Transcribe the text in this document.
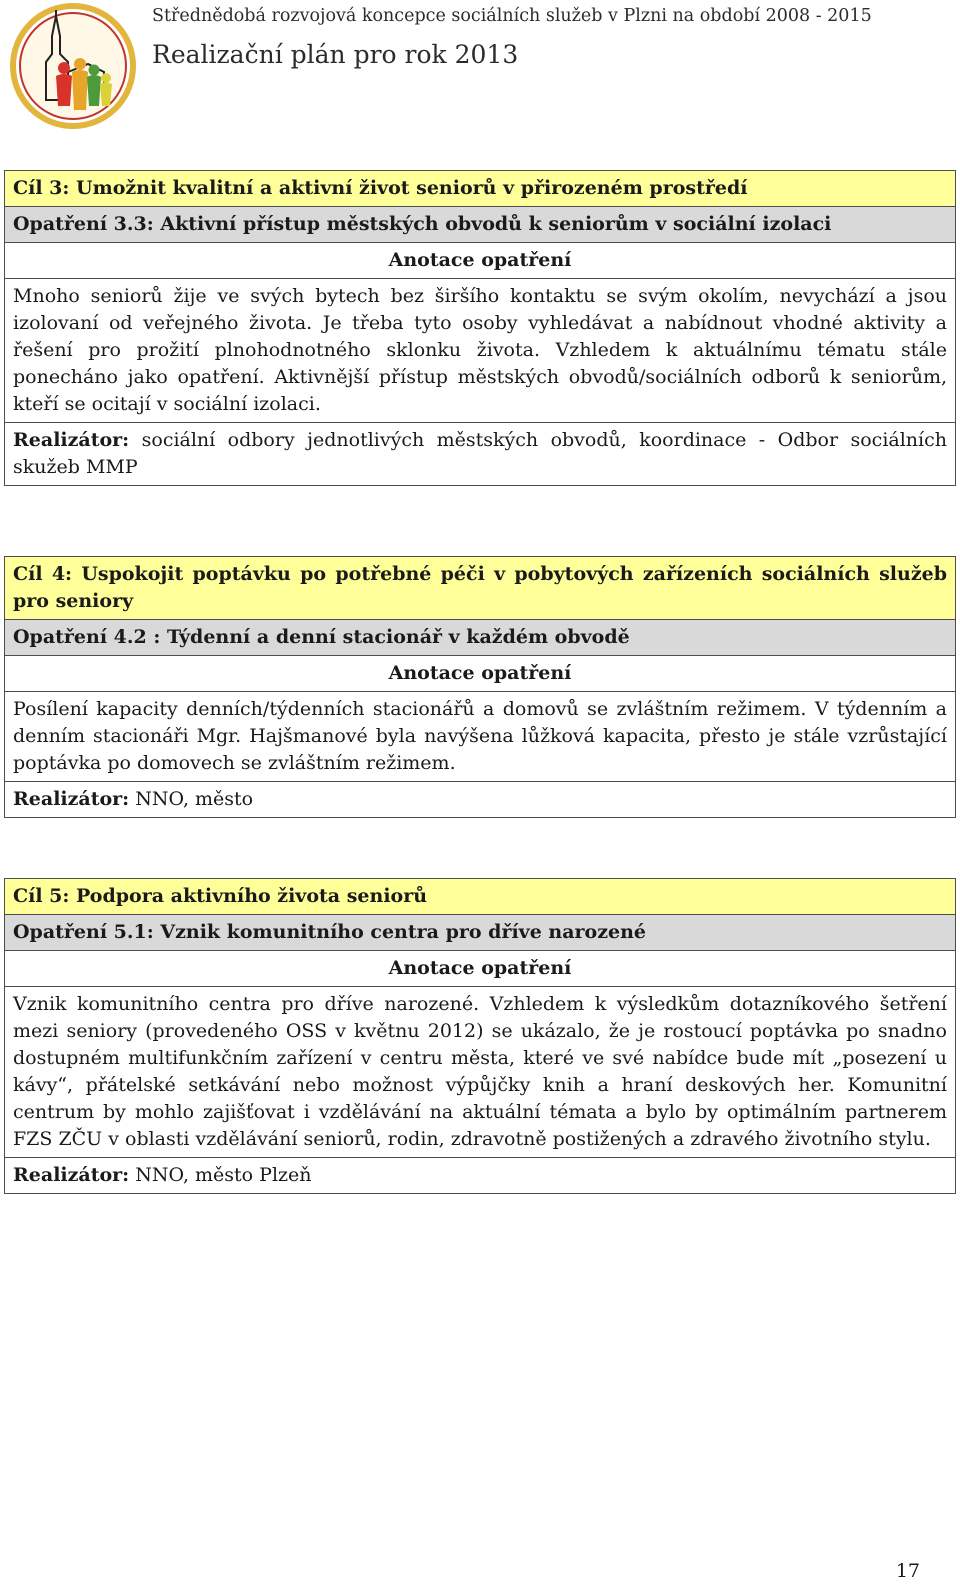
Střednědobá rozvojová koncepce sociálních služeb v Plzni na období 2008 - 2015
Realizační plán pro rok 2013
Cíl 3: Umožnit kvalitní a aktivní život seniorů v přirozeném prostředí
Opatření 3.3: Aktivní přístup městských obvodů k seniorům v sociální izolaci
Anotace opatření
Mnoho seniorů žije ve svých bytech bez širšího kontaktu se svým okolím, nevychází a jsou izolovaní od veřejného života. Je třeba tyto osoby vyhledávat a nabídnout vhodné aktivity a řešení pro prožití plnohodnotného sklonku života. Vzhledem k aktuálnímu tématu stále ponecháno jako opatření. Aktivnější přístup městských obvodů/sociálních odborů k seniorům, kteří se ocitají v sociální izolaci.
Realizátor: sociální odbory jednotlivých městských obvodů, koordinace - Odbor sociálních skužeb MMP
Cíl 4: Uspokojit poptávku po potřebné péči v pobytových zařízeních sociálních služeb pro seniory
Opatření 4.2 : Týdenní a denní stacionář v každém obvodě
Anotace opatření
Posílení kapacity denních/týdenních stacionářů a domovů se zvláštním režimem. V týdenním a denním stacionáři Mgr. Hajšmanové byla navýšena lůžková kapacita, přesto je stále vzrůstající poptávka po domovech se zvláštním režimem.
Realizátor: NNO, město
Cíl 5: Podpora aktivního života seniorů
Opatření 5.1: Vznik komunitního centra pro dříve narozené
Anotace opatření
Vznik komunitního centra pro dříve narozené. Vzhledem k výsledkům dotazníkového šetření mezi seniory (provedeného OSS v květnu 2012) se ukázalo, že je rostoucí poptávka po snadno dostupném multifunkčním zařízení v centru města, které ve své nabídce bude mít „posezení u kávy“, přátelské setkávání nebo možnost výpůjčky knih a hraní deskových her. Komunitní centrum by mohlo zajišťovat i vzdělávání na aktuální témata a bylo by optimálním partnerem FZS ZČU v oblasti vzdělávání seniorů, rodin, zdravotně postižených a zdravého životního stylu.
Realizátor: NNO, město Plzeň
17
